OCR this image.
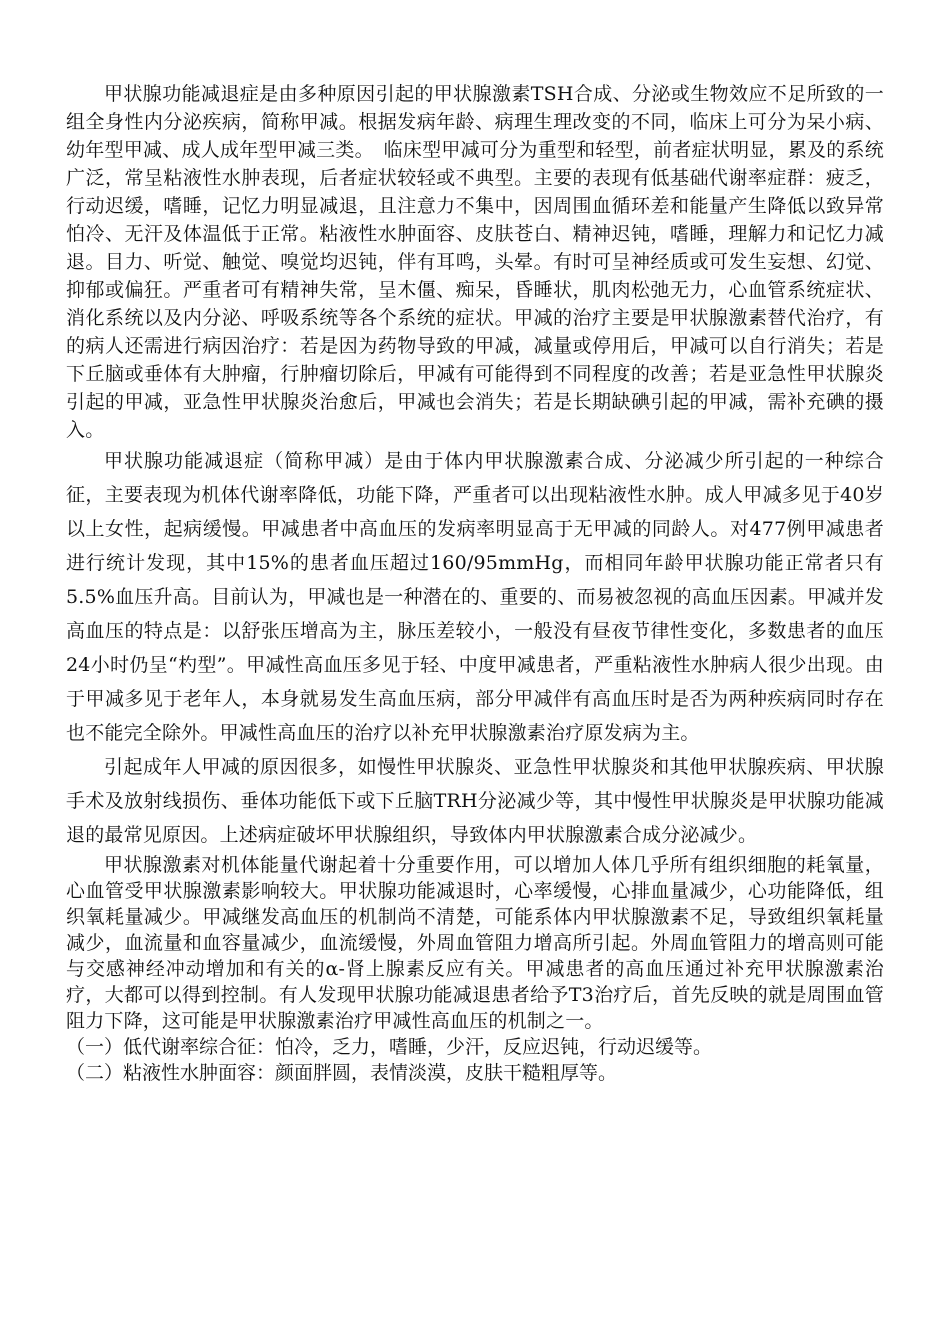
甲状腺功能减退症是由多种原因引起的甲状腺激素TSH合成、分泌或生物效应不足所致的一组全身性内分泌疾病，简称甲减。根据发病年龄、病理生理改变的不同，临床上可分为呆小病、幼年型甲减、成人成年型甲减三类。　临床型甲减可分为重型和轻型，前者症状明显，累及的系统广泛，常呈粘液性水肿表现，后者症状较轻或不典型。主要的表现有低基础代谢率症群：疲乏，行动迟缓，嗜睡，记忆力明显减退，且注意力不集中，因周围血循环差和能量产生降低以致异常怕冷、无汗及体温低于正常。粘液性水肿面容、皮肤苍白、精神迟钝，嗜睡，理解力和记忆力减退。目力、听觉、触觉、嗅觉均迟钝，伴有耳鸣，头晕。有时可呈神经质或可发生妄想、幻觉、抑郁或偏狂。严重者可有精神失常，呈木僵、痴呆，昏睡状，肌肉松弛无力，心血管系统症状、消化系统以及内分泌、呼吸系统等各个系统的症状。甲减的治疗主要是甲状腺激素替代治疗，有的病人还需进行病因治疗：若是因为药物导致的甲减，减量或停用后，甲减可以自行消失；若是下丘脑或垂体有大肿瘤，行肿瘤切除后，甲减有可能得到不同程度的改善；若是亚急性甲状腺炎引起的甲减，亚急性甲状腺炎治愈后，甲减也会消失；若是长期缺碘引起的甲减，需补充碘的摄入。

甲状腺功能减退症（简称甲减）是由于体内甲状腺激素合成、分泌减少所引起的一种综合征，主要表现为机体代谢率降低，功能下降，严重者可以出现粘液性水肿。成人甲减多见于40岁以上女性，起病缓慢。甲减患者中高血压的发病率明显高于无甲减的同龄人。对477例甲减患者进行统计发现，其中15%的患者血压超过160/95mmHg，而相同年龄甲状腺功能正常者只有5.5%血压升高。目前认为，甲减也是一种潜在的、重要的、而易被忽视的高血压因素。甲减并发高血压的特点是：以舒张压增高为主，脉压差较小，一般没有昼夜节律性变化，多数患者的血压24小时仍呈“杓型”。甲减性高血压多见于轻、中度甲减患者，严重粘液性水肿病人很少出现。由于甲减多见于老年人，本身就易发生高血压病，部分甲减伴有高血压时是否为两种疾病同时存在也不能完全除外。甲减性高血压的治疗以补充甲状腺激素治疗原发病为主。

引起成年人甲减的原因很多，如慢性甲状腺炎、亚急性甲状腺炎和其他甲状腺疾病、甲状腺手术及放射线损伤、垂体功能低下或下丘脑TRH分泌减少等，其中慢性甲状腺炎是甲状腺功能减退的最常见原因。上述病症破坏甲状腺组织，导致体内甲状腺激素合成分泌减少。

甲状腺激素对机体能量代谢起着十分重要作用，可以增加人体几乎所有组织细胞的耗氧量，心血管受甲状腺激素影响较大。甲状腺功能减退时，心率缓慢，心排血量减少，心功能降低，组织氧耗量减少。甲减继发高血压的机制尚不清楚，可能系体内甲状腺激素不足，导致组织氧耗量减少，血流量和血容量减少，血流缓慢，外周血管阻力增高所引起。外周血管阻力的增高则可能与交感神经冲动增加和有关的α-肾上腺素反应有关。甲减患者的高血压通过补充甲状腺激素治疗，大都可以得到控制。有人发现甲状腺功能减退患者给予T3治疗后，首先反映的就是周围血管阻力下降，这可能是甲状腺激素治疗甲减性高血压的机制之一。

（一）低代谢率综合征：怕冷，乏力，嗜睡，少汗，反应迟钝，行动迟缓等。

（二）粘液性水肿面容：颜面胖圆，表情淡漠，皮肤干糙粗厚等。
